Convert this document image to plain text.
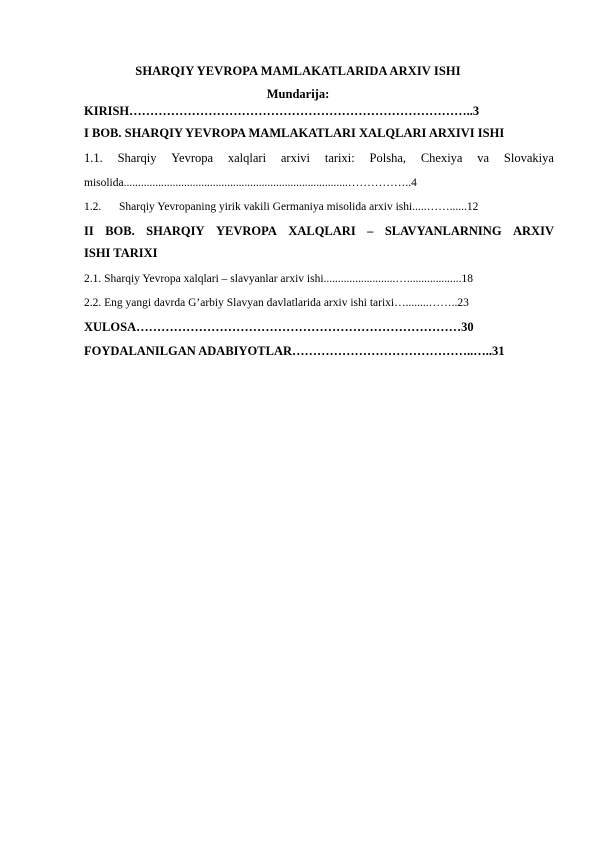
SHARQIY YEVROPA MAMLAKATLARIDA ARXIV ISHI
Mundarija:
KIRISH………………………………………………………………………..3
I BOB. SHARQIY YEVROPA MAMLAKATLARI XALQLARI ARXIVI ISHI
1.1. Sharqiy Yevropa xalqlari arxivi tarixi: Polsha, Chexiya va Slovakiya
misolida..............................................................................……………..4
1.2. Sharqiy Yevropaning yirik vakili Germaniya misolida arxiv ishi.....……......12
II BOB. SHARQIY YEVROPA XALQLARI – SLAVYANLARNING ARXIV
ISHI TARIXI
2.1. Sharqiy Yevropa xalqlari – slavyanlar arxiv ishi.........................…...................18
2.2. Eng yangi davrda G’arbiy Slavyan davlatlarida arxiv ishi tarixi…........……..23
XULOSA……………………………………………………………………30
FOYDALANILGAN ADABIYOTLAR……………………………………..…..31
